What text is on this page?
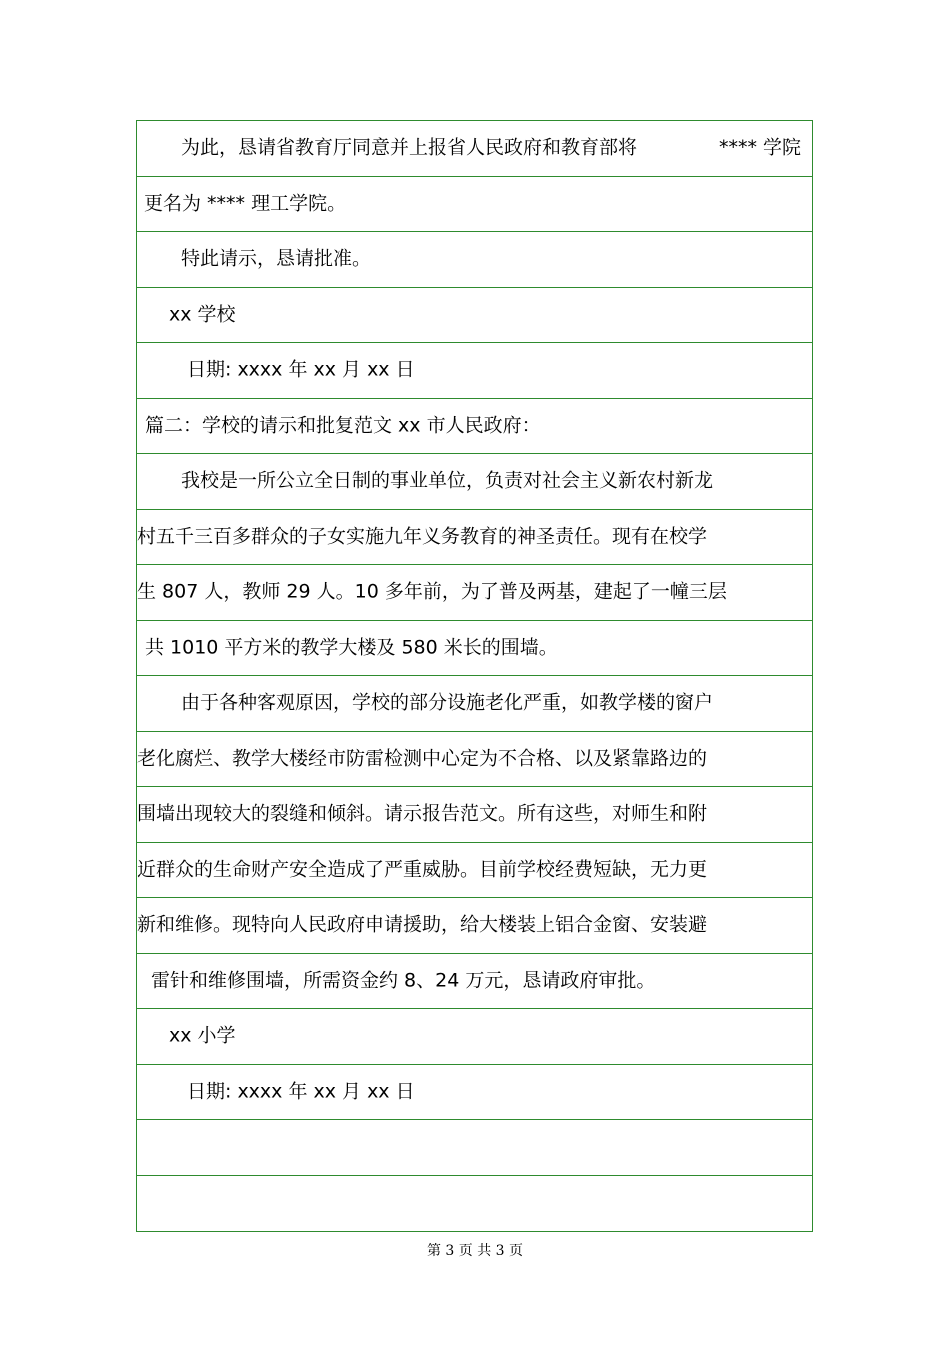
为此，恳请省教育厅同意并上报省人民政府和教育部将	**** 学院
更名为 **** 理工学院。
特此请示，恳请批准。
xx 学校
日期: xxxx 年 xx 月 xx 日
篇二：学校的请示和批复范文 xx 市人民政府：
我校是一所公立全日制的事业单位，负责对社会主义新农村新龙
村五千三百多群众的子女实施九年义务教育的神圣责任。现有在校学
生 807 人，教师 29 人。10 多年前，为了普及两基，建起了一幢三层
共 1010 平方米的教学大楼及 580 米长的围墙。
由于各种客观原因，学校的部分设施老化严重，如教学楼的窗户
老化腐烂、教学大楼经市防雷检测中心定为不合格、以及紧靠路边的
围墙出现较大的裂缝和倾斜。请示报告范文。所有这些，对师生和附
近群众的生命财产安全造成了严重威胁。目前学校经费短缺，无力更
新和维修。现特向人民政府申请援助，给大楼装上铝合金窗、安装避
雷针和维修围墙，所需资金约 8、24 万元，恳请政府审批。
xx 小学
日期: xxxx 年 xx 月 xx 日
第 3 页 共 3 页
